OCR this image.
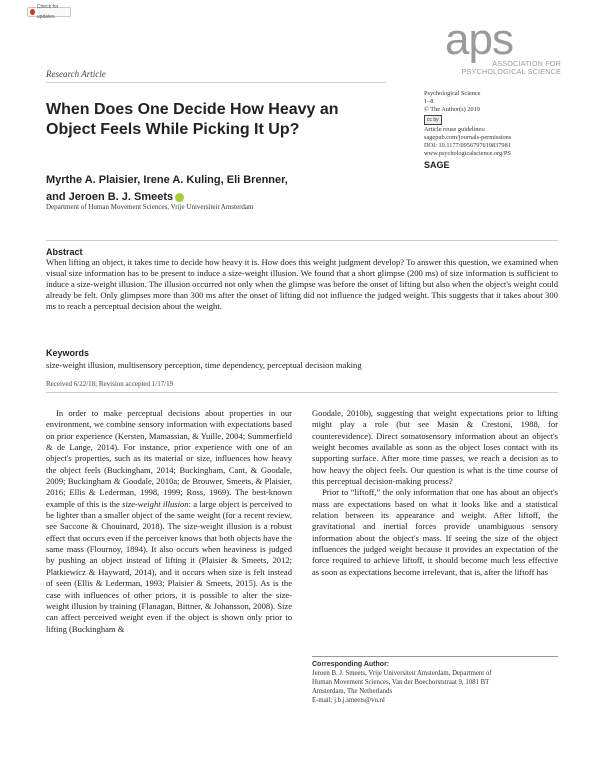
Check for updates	aps
ASSOCIATION FOR
PSYCHOLOGICAL SCIENCE
Research Article
When Does One Decide How Heavy an Object Feels While Picking It Up?
Psychological Science
1–8
© The Author(s) 2019
cc by
Article reuse guidelines:
sagepub.com/journals-permissions
DOI: 10.1177/0956797619837981
www.psychologicalscience.org/PS
SAGE
Myrthe A. Plaisier, Irene A. Kuling, Eli Brenner,
and Jeroen B. J. Smeets
Department of Human Movement Sciences, Vrije Universiteit Amsterdam
Abstract
When lifting an object, it takes time to decide how heavy it is. How does this weight judgment develop? To answer this question, we examined when visual size information has to be present to induce a size-weight illusion. We found that a short glimpse (200 ms) of size information is sufficient to induce a size-weight illusion. The illusion occurred not only when the glimpse was before the onset of lifting but also when the object's weight could already be felt. Only glimpses more than 300 ms after the onset of lifting did not influence the judged weight. This suggests that it takes about 300 ms to reach a perceptual decision about the weight.
Keywords
size-weight illusion, multisensory perception, time dependency, perceptual decision making
Received 6/22/18; Revision accepted 1/17/19

In order to make perceptual decisions about properties in our environment, we combine sensory information with expectations based on prior experience (Kersten, Mamassian, & Yuille, 2004; Summerfield & de Lange, 2014). For instance, prior experience with one of an object's properties, such as its material or size, influences how heavy the object feels (Buckingham, 2014; Buckingham, Cant, & Goodale, 2009; Buckingham & Goodale, 2010a; de Brouwer, Smeets, & Plaisier, 2016; Ellis & Lederman, 1998, 1999; Ross, 1969). The best-known example of this is the size-weight illusion: a large object is perceived to be lighter than a smaller object of the same weight (for a recent review, see Saccone & Chouinard, 2018). The size-weight illusion is a robust effect that occurs even if the perceiver knows that both objects have the same mass (Flournoy, 1894). It also occurs when heaviness is judged by pushing an object instead of lifting it (Plaisier & Smeets, 2012; Platkiewicz & Hayward, 2014), and it occurs when size is felt instead of seen (Ellis & Lederman, 1993; Plaisier & Smeets, 2015). As is the case with influences of other priors, it is possible to alter the size-weight illusion by training (Flanagan, Bittner, & Johansson, 2008). Size can affect perceived weight even if the object is shown only prior to lifting (Buckingham &

Goodale, 2010b), suggesting that weight expectations prior to lifting might play a role (but see Masin & Crestoni, 1988, for counterevidence). Direct somatosensory information about an object's weight becomes available as soon as the object loses contact with its supporting surface. After more time passes, we reach a decision as to how heavy the object feels. Our question is what is the time course of this perceptual decision-making process?

Prior to “liftoff,” the only information that one has about an object's mass are expectations based on what it looks like and a statistical relation between its appearance and weight. After liftoff, the gravitational and inertial forces provide unambiguous sensory information about the object's mass. If seeing the size of the object influences the judged weight because it provides an expectation of the force required to achieve liftoff, it should become much less effective as soon as expectations become irrelevant, that is, after the liftoff has

Corresponding Author:
Jeroen B. J. Smeets, Vrije Universiteit Amsterdam, Department of
Human Movement Sciences, Van der Boechorststraat 9, 1081 BT
Amsterdam, The Netherlands
E-mail: j.b.j.smeets@vu.nl
